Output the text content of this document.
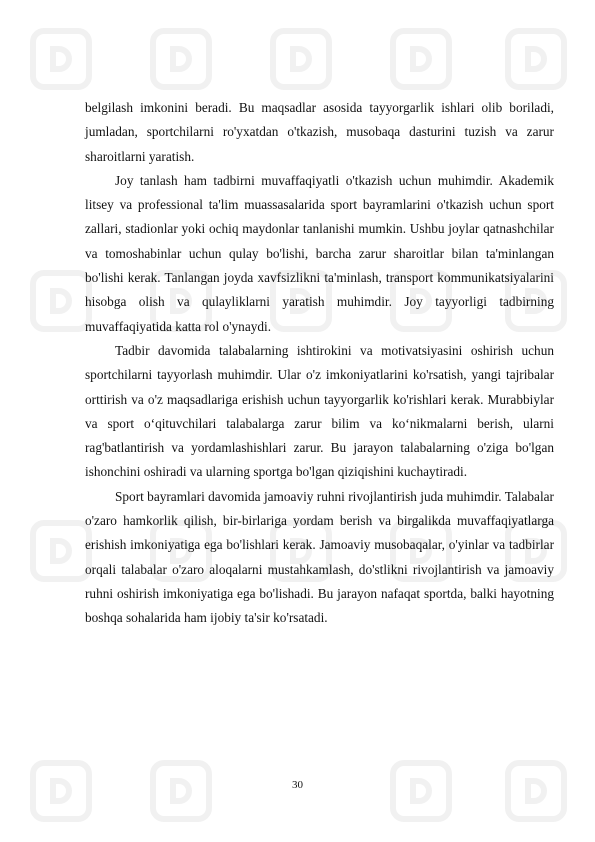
belgilash imkonini beradi. Bu maqsadlar asosida tayyorgarlik ishlari olib boriladi, jumladan, sportchilarni ro'yxatdan o'tkazish, musobaqa dasturini tuzish va zarur sharoitlarni yaratish.

Joy tanlash ham tadbirni muvaffaqiyatli o'tkazish uchun muhimdir. Akademik litsey va professional ta'lim muassasalarida sport bayramlarini o'tkazish uchun sport zallari, stadionlar yoki ochiq maydonlar tanlanishi mumkin. Ushbu joylar qatnashchilar va tomoshabinlar uchun qulay bo'lishi, barcha zarur sharoitlar bilan ta'minlangan bo'lishi kerak. Tanlangan joyda xavfsizlikni ta'minlash, transport kommunikatsiyalarini hisobga olish va qulayliklarni yaratish muhimdir. Joy tayyorligi tadbirning muvaffaqiyatida katta rol o'ynaydi.

Tadbir davomida talabalarning ishtirokini va motivatsiyasini oshirish uchun sportchilarni tayyorlash muhimdir. Ular o'z imkoniyatlarini ko'rsatish, yangi tajribalar orttirish va o'z maqsadlariga erishish uchun tayyorgarlik ko'rishlari kerak. Murabbiylar va sport o‘qituvchilari talabalarga zarur bilim va ko‘nikmalarni berish, ularni rag'batlantirish va yordamlashishlari zarur. Bu jarayon talabalarning o'ziga bo'lgan ishonchini oshiradi va ularning sportga bo'lgan qiziqishini kuchaytiradi.

Sport bayramlari davomida jamoaviy ruhni rivojlantirish juda muhimdir. Talabalar o'zaro hamkorlik qilish, bir-birlariga yordam berish va birgalikda muvaffaqiyatlarga erishish imkoniyatiga ega bo'lishlari kerak. Jamoaviy musobaqalar, o'yinlar va tadbirlar orqali talabalar o'zaro aloqalarni mustahkamlash, do'stlikni rivojlantirish va jamoaviy ruhni oshirish imkoniyatiga ega bo'lishadi. Bu jarayon nafaqat sportda, balki hayotning boshqa sohalarida ham ijobiy ta'sir ko'rsatadi.

30
